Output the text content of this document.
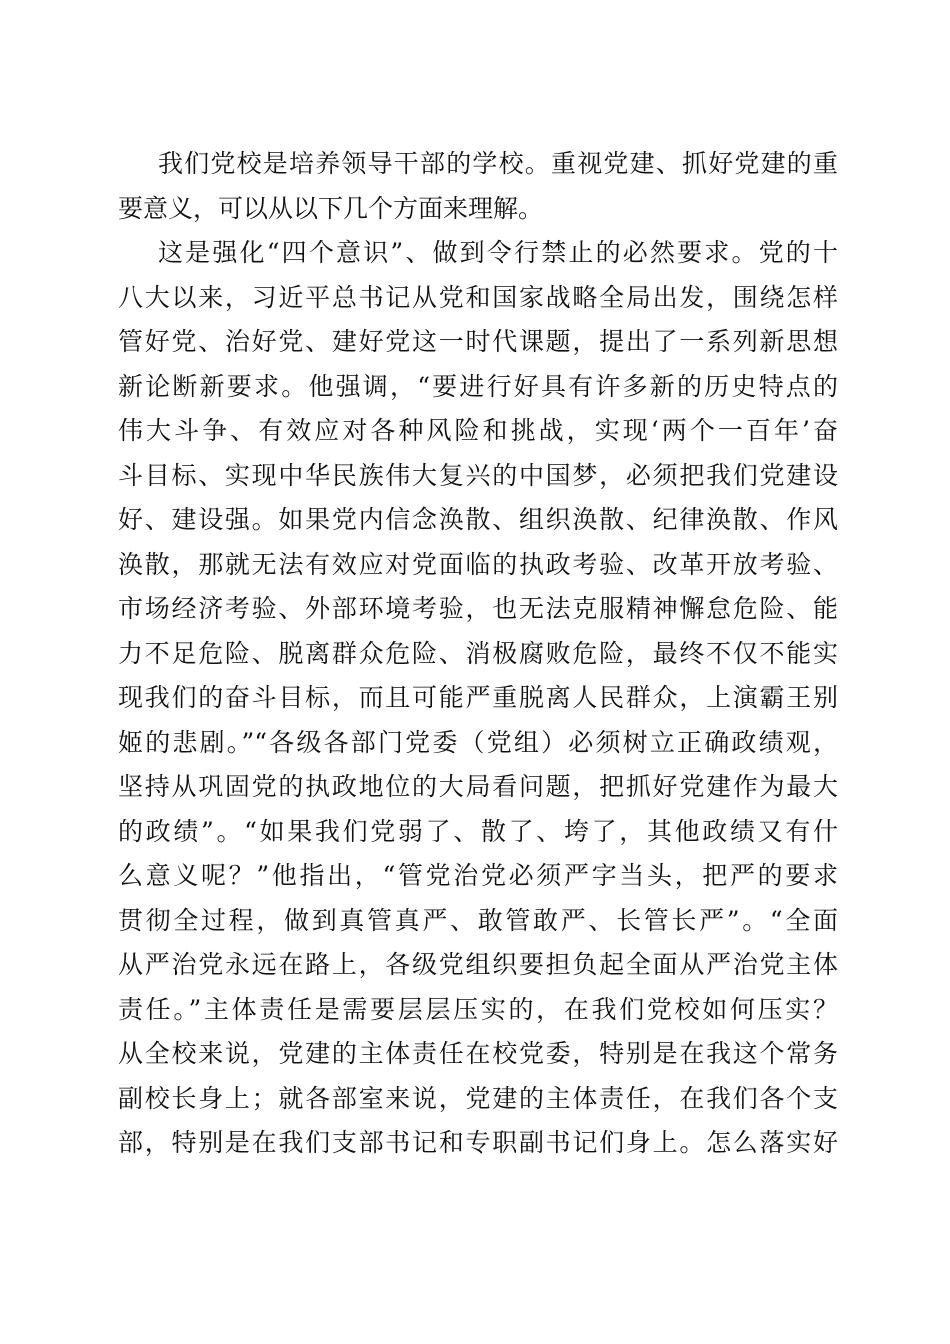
我们党校是培养领导干部的学校。重视党建、抓好党建的重
要意义，可以从以下几个方面来理解。
这是强化“四个意识”、做到令行禁止的必然要求。党的十
八大以来，习近平总书记从党和国家战略全局出发，围绕怎样
管好党、治好党、建好党这一时代课题，提出了一系列新思想
新论断新要求。他强调，“要进行好具有许多新的历史特点的
伟大斗争、有效应对各种风险和挑战，实现‘两个一百年’奋
斗目标、实现中华民族伟大复兴的中国梦，必须把我们党建设
好、建设强。如果党内信念涣散、组织涣散、纪律涣散、作风
涣散，那就无法有效应对党面临的执政考验、改革开放考验、
市场经济考验、外部环境考验，也无法克服精神懈怠危险、能
力不足危险、脱离群众危险、消极腐败危险，最终不仅不能实
现我们的奋斗目标，而且可能严重脱离人民群众，上演霸王别
姬的悲剧。”“各级各部门党委（党组）必须树立正确政绩观，
坚持从巩固党的执政地位的大局看问题，把抓好党建作为最大
的政绩”。“如果我们党弱了、散了、垮了，其他政绩又有什
么意义呢？”他指出，“管党治党必须严字当头，把严的要求
贯彻全过程，做到真管真严、敢管敢严、长管长严”。“全面
从严治党永远在路上，各级党组织要担负起全面从严治党主体
责任。”主体责任是需要层层压实的，在我们党校如何压实？
从全校来说，党建的主体责任在校党委，特别是在我这个常务
副校长身上；就各部室来说，党建的主体责任，在我们各个支
部，特别是在我们支部书记和专职副书记们身上。怎么落实好
